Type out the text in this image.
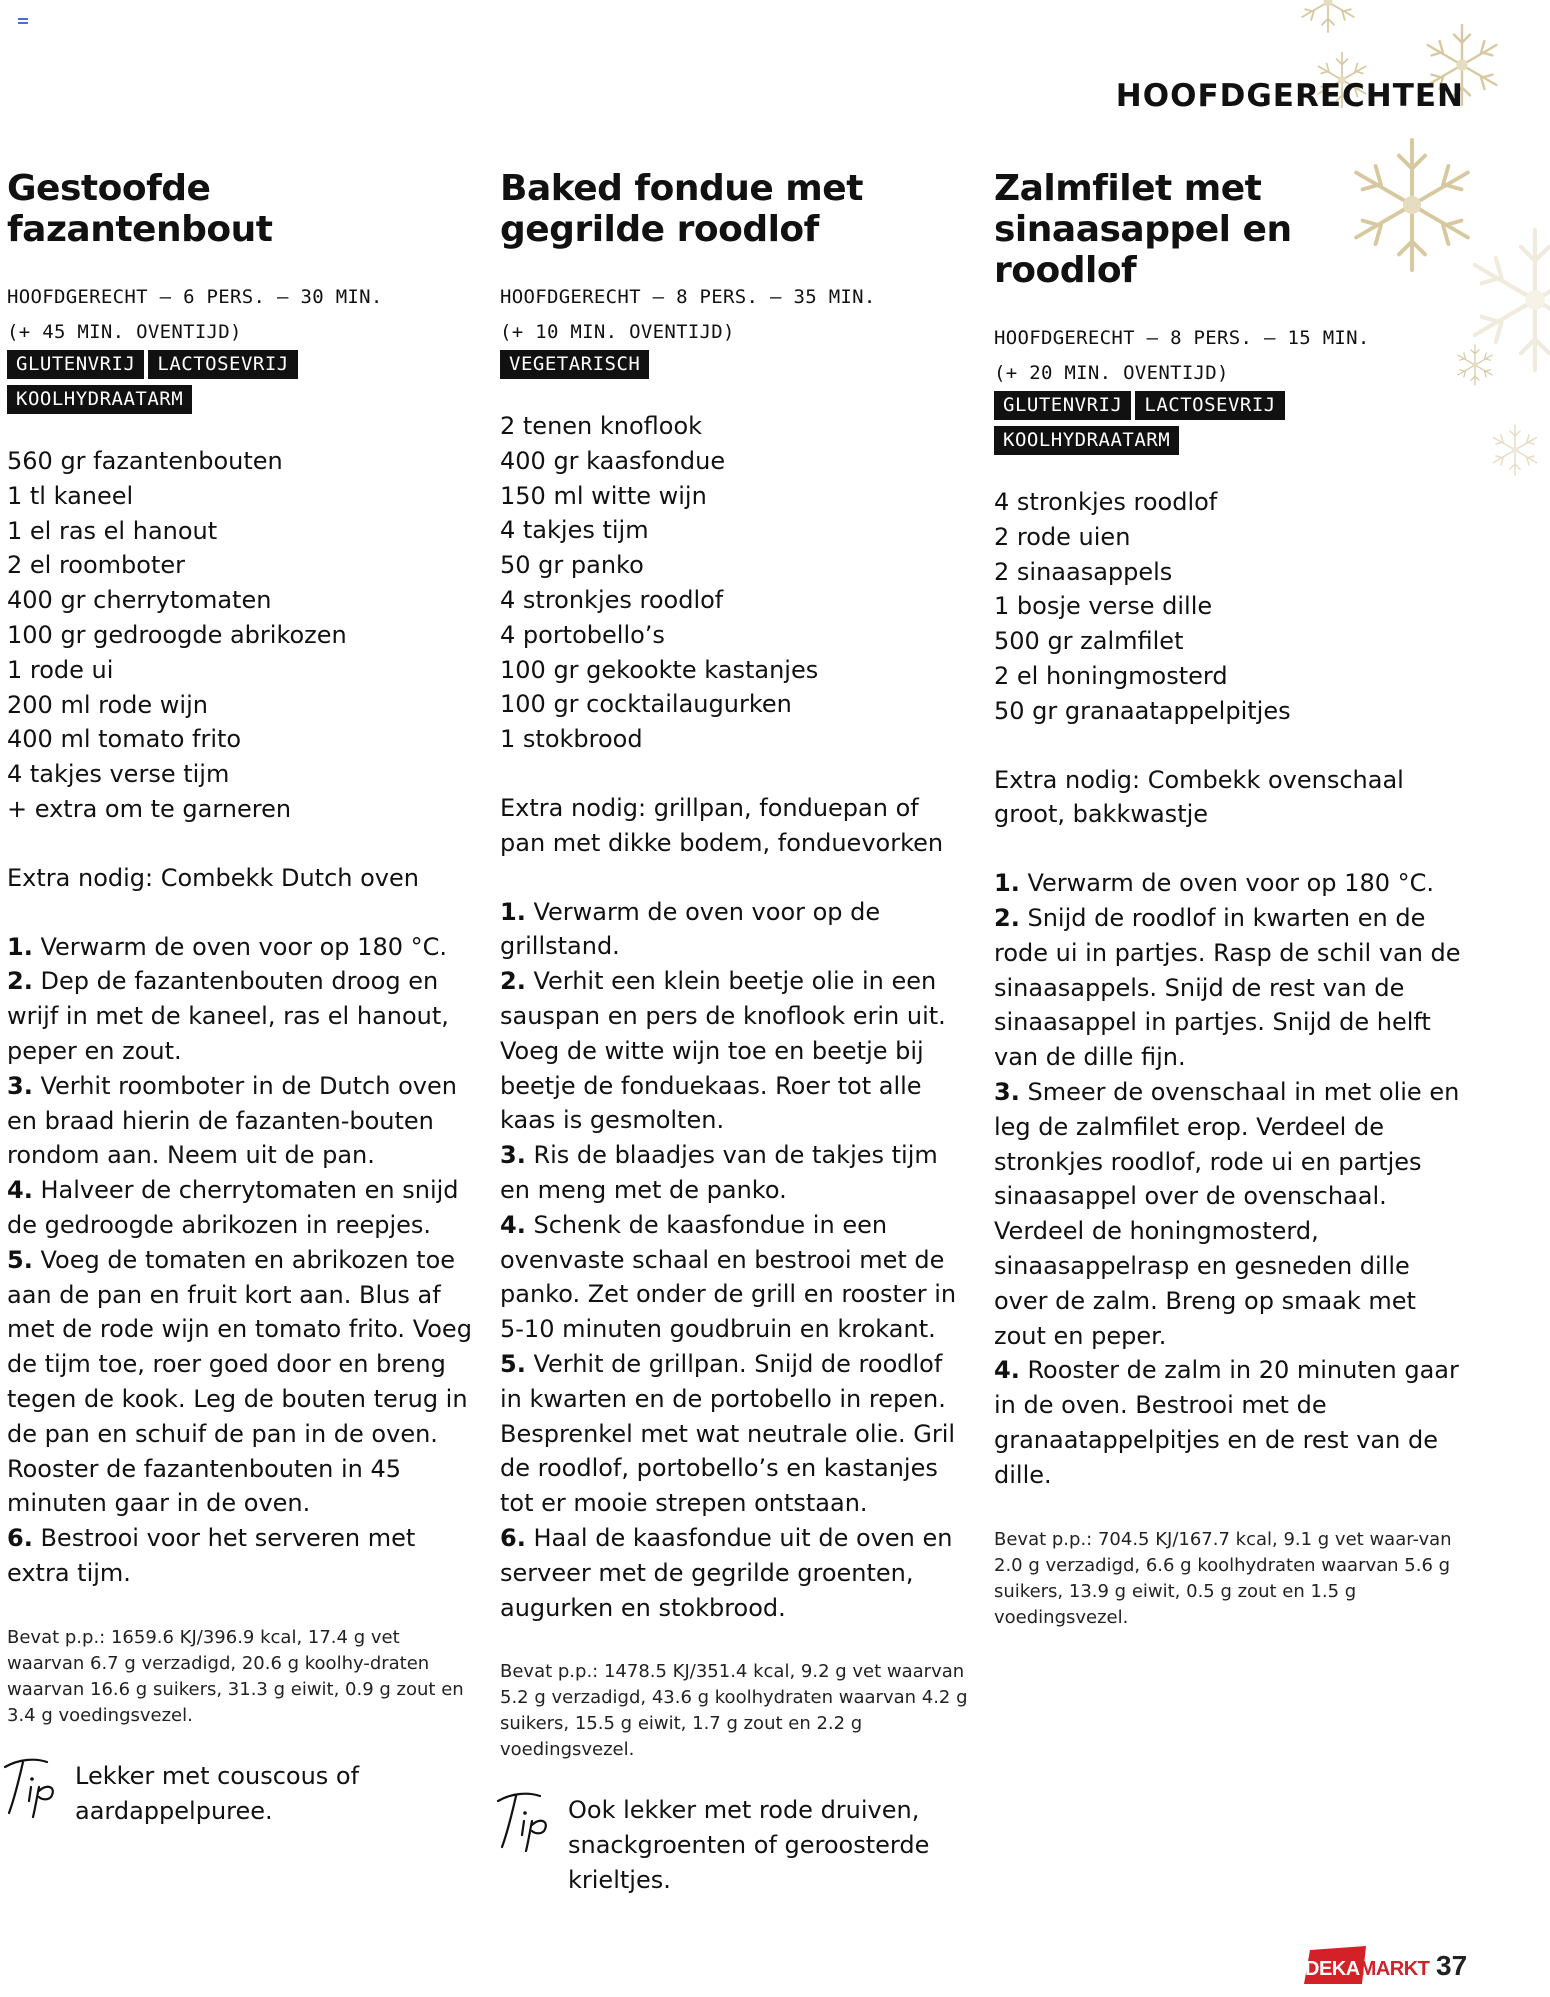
HOOFDGERECHTEN
Gestoofde
fazantenbout
HOOFDGERECHT – 6 PERS. – 30 MIN.
(+ 45 MIN. OVENTIJD)
GLUTENVRIJ LACTOSEVRIJ
KOOLHYDRAATARM
560 gr fazantenbouten
1 tl kaneel
1 el ras el hanout
2 el roomboter
400 gr cherrytomaten
100 gr gedroogde abrikozen
1 rode ui
200 ml rode wijn
400 ml tomato frito
4 takjes verse tijm
+ extra om te garneren
Extra nodig: Combekk Dutch oven
1. Verwarm de oven voor op 180 °C.
2. Dep de fazantenbouten droog en wrijf in met de kaneel, ras el hanout, peper en zout.
3. Verhit roomboter in de Dutch oven en braad hierin de fazanten-bouten rondom aan. Neem uit de pan.
4. Halveer de cherrytomaten en snijd de gedroogde abrikozen in reepjes.
5. Voeg de tomaten en abrikozen toe aan de pan en fruit kort aan. Blus af met de rode wijn en tomato frito. Voeg de tijm toe, roer goed door en breng tegen de kook. Leg de bouten terug in de pan en schuif de pan in de oven. Rooster de fazantenbouten in 45 minuten gaar in de oven.
6. Bestrooi voor het serveren met extra tijm.
Bevat p.p.: 1659.6 KJ/396.9 kcal, 17.4 g vet waarvan 6.7 g verzadigd, 20.6 g koolhy-draten waarvan 16.6 g suikers, 31.3 g eiwit, 0.9 g zout en 3.4 g voedingsvezel.
Lekker met couscous of aardappelpuree.
Baked fondue met
gegrilde roodlof
HOOFDGERECHT – 8 PERS. – 35 MIN.
(+ 10 MIN. OVENTIJD)
VEGETARISCH
2 tenen knoflook
400 gr kaasfondue
150 ml witte wijn
4 takjes tijm
50 gr panko
4 stronkjes roodlof
4 portobello’s
100 gr gekookte kastanjes
100 gr cocktailaugurken
1 stokbrood
Extra nodig: grillpan, fonduepan of pan met dikke bodem, fonduevorken
1. Verwarm de oven voor op de grillstand.
2. Verhit een klein beetje olie in een sauspan en pers de knoflook erin uit. Voeg de witte wijn toe en beetje bij beetje de fonduekaas. Roer tot alle kaas is gesmolten.
3. Ris de blaadjes van de takjes tijm en meng met de panko.
4. Schenk de kaasfondue in een ovenvaste schaal en bestrooi met de panko. Zet onder de grill en rooster in 5-10 minuten goudbruin en krokant.
5. Verhit de grillpan. Snijd de roodlof in kwarten en de portobello in repen. Besprenkel met wat neutrale olie. Gril de roodlof, portobello’s en kastanjes tot er mooie strepen ontstaan.
6. Haal de kaasfondue uit de oven en serveer met de gegrilde groenten, augurken en stokbrood.
Bevat p.p.: 1478.5 KJ/351.4 kcal, 9.2 g vet waarvan 5.2 g verzadigd, 43.6 g koolhydraten waarvan 4.2 g suikers, 15.5 g eiwit, 1.7 g zout en 2.2 g voedingsvezel.
Ook lekker met rode druiven, snackgroenten of geroosterde krieltjes.
Zalmfilet met
sinaasappel en
roodlof
HOOFDGERECHT – 8 PERS. – 15 MIN.
(+ 20 MIN. OVENTIJD)
GLUTENVRIJ LACTOSEVRIJ
KOOLHYDRAATARM
4 stronkjes roodlof
2 rode uien
2 sinaasappels
1 bosje verse dille
500 gr zalmfilet
2 el honingmosterd
50 gr granaatappelpitjes
Extra nodig: Combekk ovenschaal groot, bakkwastje
1. Verwarm de oven voor op 180 °C.
2. Snijd de roodlof in kwarten en de rode ui in partjes. Rasp de schil van de sinaasappels. Snijd de rest van de sinaasappel in partjes. Snijd de helft van de dille fijn.
3. Smeer de ovenschaal in met olie en leg de zalmfilet erop. Verdeel de stronkjes roodlof, rode ui en partjes sinaasappel over de ovenschaal. Verdeel de honingmosterd, sinaasappelrasp en gesneden dille over de zalm. Breng op smaak met zout en peper.
4. Rooster de zalm in 20 minuten gaar in de oven. Bestrooi met de granaatappelpitjes en de rest van de dille.
Bevat p.p.: 704.5 KJ/167.7 kcal, 9.1 g vet waar-van 2.0 g verzadigd, 6.6 g koolhydraten waarvan 5.6 g suikers, 13.9 g eiwit, 0.5 g zout en 1.5 g voedingsvezel.
DEKAMARKT 37
